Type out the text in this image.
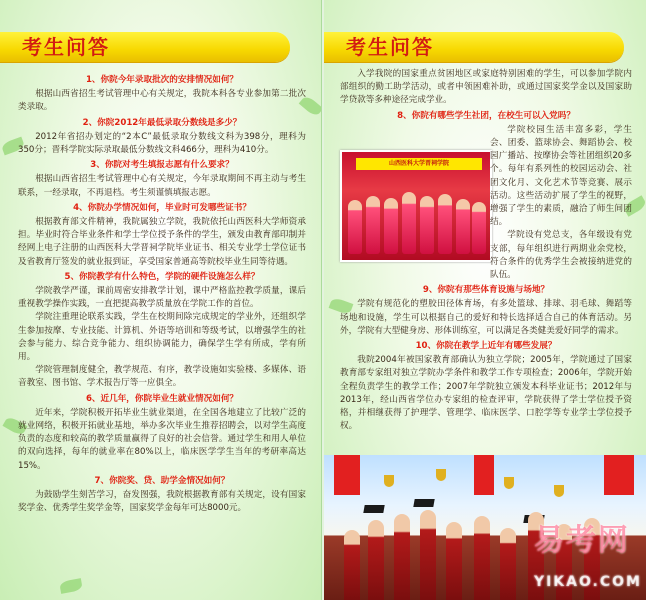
考生问答
1、你院今年录取批次的安排情况如何？

根据山西省招生考试管理中心有关规定，我院本科各专业参加第二批次类录取。

2、你院2012年最低录取分数线是多少？

2012年省招办划定的“2本C”最低录取分数线文科为398分，理科为350分；晋科学院实际录取最低分数线文科466分，理科为410分。

3、你院对考生填报志愿有什么要求？

根据山西省招生考试管理中心有关规定，今年录取期间不再主动与考生联系，一经录取，不再退档。考生须谨慎填报志愿。

4、你院办学情况如何，毕业时可发哪些证书？

根据教育部文件精神，我院属独立学院，我院依托山西医科大学师资承担。毕业时符合毕业条件和学士学位授予条件的学生，颁发由教育部印制并经网上电子注册的山西医科大学晋祠学院毕业证书、相关专业学士学位证书及省教育厅签发的就业报到证，享受国家普通高等院校毕业生同等待遇。

5、你院教学有什么特色，学院的硬件设施怎么样？

学院教学严谨，课前周密安排教学计划，课中严格监控教学质量，课后重视教学操作实践，一直把提高教学质量放在学院工作的首位。

学院注重理论联系实践，学生在校期间除完成规定的学业外，还组织学生参加按摩、专业技能、计算机、外语等培训和等级考试，以增强学生的社会参与能力、综合竞争能力、组织协调能力，确保学生学有所成，学有所用。

学院管理制度健全，教学规范、有序，教学设施如实验楼、多媒体、语音教室、图书馆、学术报告厅等一应俱全。

6、近几年，你院毕业生就业情况如何？

近年来，学院积极开拓毕业生就业渠道，在全国各地建立了比较广泛的就业网络，积极开拓就业基地，举办多次毕业生推荐招聘会，以对学生高度负责的态度和较高的教学质量赢得了良好的社会信誉。通过学生和用人单位的双向选择，每年的就业率在80%以上，临床医学学生当年的考研率高达15%。

7、你院奖、贷、助学金情况如何？

为鼓励学生刻苦学习，奋发图强，我院根据教育部有关规定，设有国家奖学金、优秀学生奖学金等，国家奖学金每年可达8000元。

考生问答
山西医科大学晋祠学院

入学我院的国家重点贫困地区或家庭特别困难的学生，可以参加学院内部组织的勤工助学活动，或者申领困难补助，或通过国家奖学金以及国家助学贷款等多种途径完成学业。

8、你院有哪些学生社团，在校生可以入党吗？

学院校园生活丰富多彩，学生会、团委、篮球协会、舞蹈协会、校园广播站、按摩协会等社团组织20多个。每年有系列性的校园运动会、社团文化月、文化艺术节等竞赛、展示活动。这些活动扩展了学生的视野，增强了学生的素质，融洽了师生间团结。

学院设有党总支，各年级设有党支部，每年组织进行两期业余党校，符合条件的优秀学生会被接纳进党的队伍。

9、你院有那些体育设施与场地？

学院有规范化的塑胶田径体育场，有多处篮球、排球、羽毛球、舞蹈等场地和设施，学生可以根据自己的爱好和特长选择适合自己的体育活动。另外，学院有大型健身房、形体训练室，可以满足各类健美爱好同学的需求。

10、你院在教学上近年有哪些发展？

我院2004年被国家教育部确认为独立学院；2005年，学院通过了国家教育部专家组对独立学院办学条件和教学工作专项检查；2006年，学院开始全程负责学生的教学工作；2007年学院独立颁发本科毕业证书；2012年与2013年，经山西省学位办专家组的检查评审，学院获得了学士学位授予资格，并相继获得了护理学、管理学、临床医学、口腔学等专业学士学位授予权。

易考网
YIKAO.COM
